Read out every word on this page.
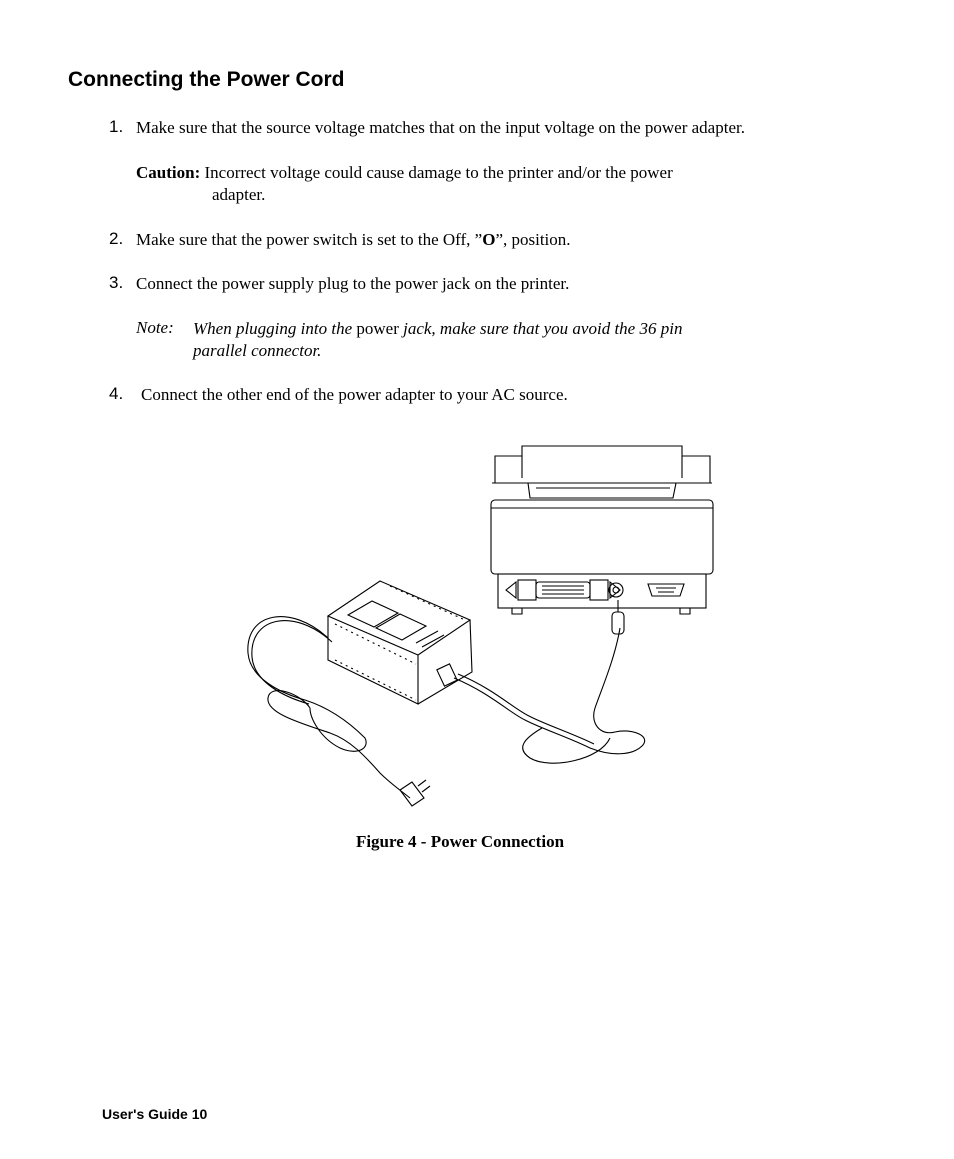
Connecting the Power Cord
1. Make sure that the source voltage matches that on the input voltage on the power adapter.
Caution: Incorrect voltage could cause damage to the printer and/or the power
adapter.
2. Make sure that the power switch is set to the Off, ”O”, position.
3. Connect the power supply plug to the power jack on the printer.
Note: When plugging into the power jack, make sure that you avoid the 36 pin
parallel connector.
4. Connect the other end of the power adapter to your AC source.
Figure 4 - Power Connection
User's Guide 10
